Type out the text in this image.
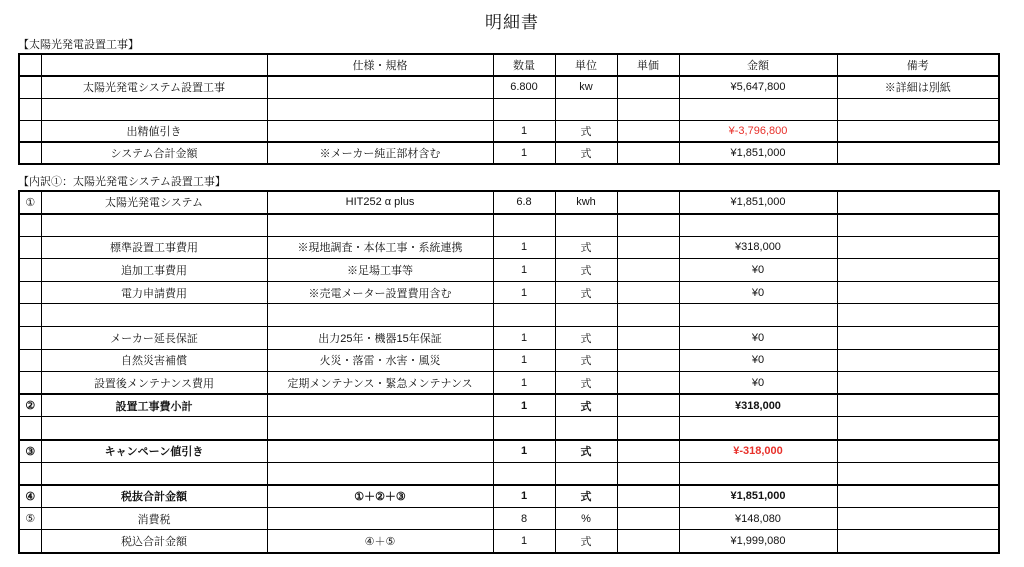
明細書
【太陽光発電設置工事】
		仕様・規格	数量	単位	単価	金額	備考
	太陽光発電システム設置工事		6.800	kw		¥5,647,800	※詳細は別紙

	出精値引き		1	式		¥-3,796,800	
	システム合計金額	※メーカー純正部材含む	1	式		¥1,851,000	
【内訳①：太陽光発電システム設置工事】
①	太陽光発電システム	HIT252 α plus	6.8	kwh		¥1,851,000	

	標準設置工事費用	※現地調査・本体工事・系統連携	1	式		¥318,000	
	追加工事費用	※足場工事等	1	式		¥0	
	電力申請費用	※売電メーター設置費用含む	1	式		¥0	

	メーカー延長保証	出力25年・機器15年保証	1	式		¥0	
	自然災害補償	火災・落雷・水害・風災	1	式		¥0	
	設置後メンテナンス費用	定期メンテナンス・緊急メンテナンス	1	式		¥0	
②	設置工事費小計		1	式		¥318,000	

③	キャンペーン値引き		1	式		¥-318,000	

④	税抜合計金額	①＋②＋③	1	式		¥1,851,000	
⑤	消費税		8	%		¥148,080	
	税込合計金額	④＋⑤	1	式		¥1,999,080	
